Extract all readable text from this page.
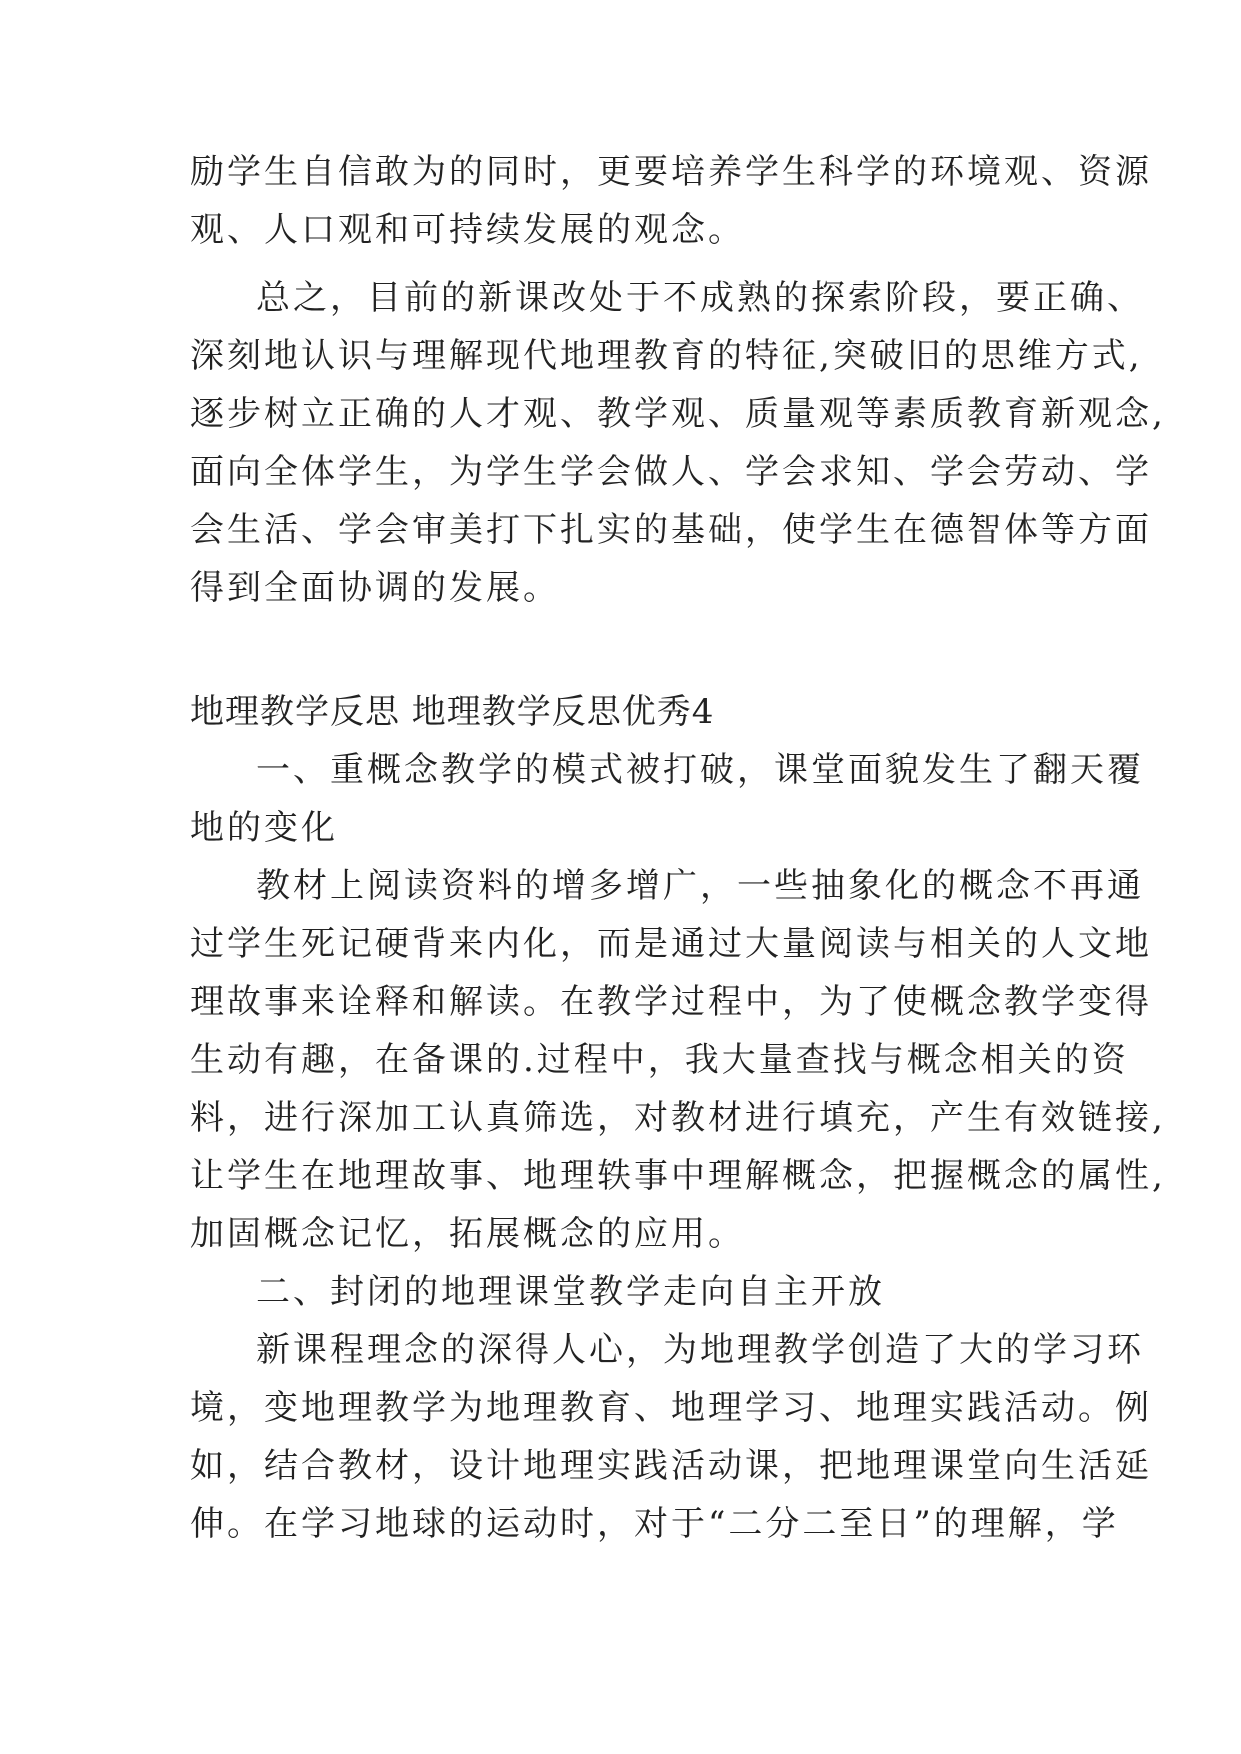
励学生自信敢为的同时，更要培养学生科学的环境观、资源
观、人口观和可持续发展的观念。
总之，目前的新课改处于不成熟的探索阶段，要正确、
深刻地认识与理解现代地理教育的特征,突破旧的思维方式,
逐步树立正确的人才观、教学观、质量观等素质教育新观念,
面向全体学生，为学生学会做人、学会求知、学会劳动、学
会生活、学会审美打下扎实的基础，使学生在德智体等方面
得到全面协调的发展。
地理教学反思 地理教学反思优秀4
一、重概念教学的模式被打破，课堂面貌发生了翻天覆
地的变化
教材上阅读资料的增多增广，一些抽象化的概念不再通
过学生死记硬背来内化，而是通过大量阅读与相关的人文地
理故事来诠释和解读。在教学过程中，为了使概念教学变得
生动有趣，在备课的.过程中，我大量查找与概念相关的资
料，进行深加工认真筛选，对教材进行填充，产生有效链接,
让学生在地理故事、地理轶事中理解概念，把握概念的属性,
加固概念记忆，拓展概念的应用。
二、封闭的地理课堂教学走向自主开放
新课程理念的深得人心，为地理教学创造了大的学习环
境，变地理教学为地理教育、地理学习、地理实践活动。例
如，结合教材，设计地理实践活动课，把地理课堂向生活延
伸。在学习地球的运动时，对于“二分二至日”的理解，学
